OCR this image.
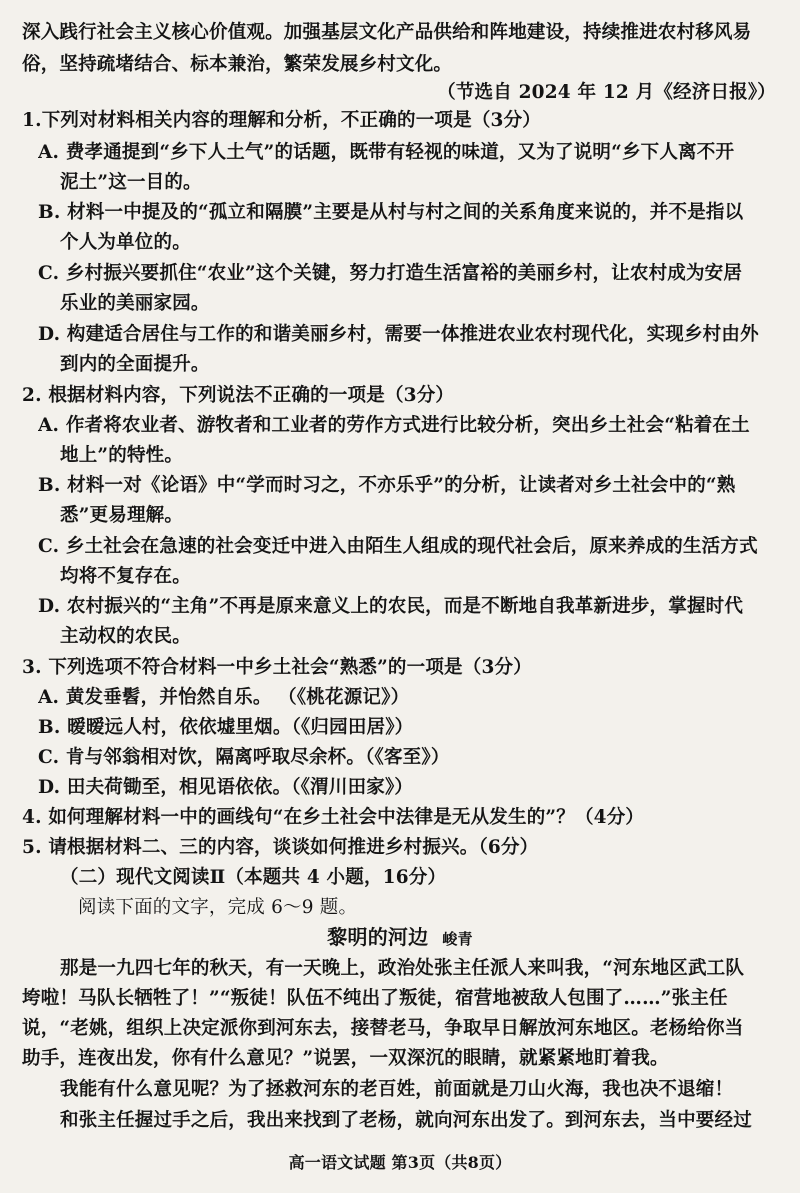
深入践行社会主义核心价值观。加强基层文化产品供给和阵地建设，持续推进农村移风易
俗，坚持疏堵结合、标本兼治，繁荣发展乡村文化。
（节选自 2024 年 12 月《经济日报》）
1.下列对材料相关内容的理解和分析，不正确的一项是（3分）
A. 费孝通提到“乡下人土气”的话题，既带有轻视的味道，又为了说明“乡下人离不开
泥土”这一目的。
B. 材料一中提及的“孤立和隔膜”主要是从村与村之间的关系角度来说的，并不是指以
个人为单位的。
C. 乡村振兴要抓住“农业”这个关键，努力打造生活富裕的美丽乡村，让农村成为安居
乐业的美丽家园。
D. 构建适合居住与工作的和谐美丽乡村，需要一体推进农业农村现代化，实现乡村由外
到内的全面提升。
2. 根据材料内容，下列说法不正确的一项是（3分）
A. 作者将农业者、游牧者和工业者的劳作方式进行比较分析，突出乡土社会“粘着在土
地上”的特性。
B. 材料一对《论语》中“学而时习之，不亦乐乎”的分析，让读者对乡土社会中的“熟
悉”更易理解。
C. 乡土社会在急速的社会变迁中进入由陌生人组成的现代社会后，原来养成的生活方式
均将不复存在。
D. 农村振兴的“主角”不再是原来意义上的农民，而是不断地自我革新进步，掌握时代
主动权的农民。
3. 下列选项不符合材料一中乡土社会“熟悉”的一项是（3分）
A. 黄发垂髫，并怡然自乐。 （《桃花源记》）
B. 暧暧远人村，依依墟里烟。（《归园田居》）
C. 肯与邻翁相对饮，隔离呼取尽余杯。（《客至》）
D. 田夫荷锄至，相见语依依。（《渭川田家》）
4. 如何理解材料一中的画线句“在乡土社会中法律是无从发生的”？（4分）
5. 请根据材料二、三的内容，谈谈如何推进乡村振兴。（6分）
（二）现代文阅读Ⅱ（本题共 4 小题，16分）
阅读下面的文字，完成 6～9 题。
黎明的河边 峻青
那是一九四七年的秋天，有一天晚上，政治处张主任派人来叫我，“河东地区武工队
垮啦！马队长牺牲了！”“叛徒！队伍不纯出了叛徒，宿营地被敌人包围了……”张主任
说，“老姚，组织上决定派你到河东去，接替老马，争取早日解放河东地区。老杨给你当
助手，连夜出发，你有什么意见？”说罢，一双深沉的眼睛，就紧紧地盯着我。
我能有什么意见呢？为了拯救河东的老百姓，前面就是刀山火海，我也决不退缩！
和张主任握过手之后，我出来找到了老杨，就向河东出发了。到河东去，当中要经过
高一语文试题 第3页（共8页）
